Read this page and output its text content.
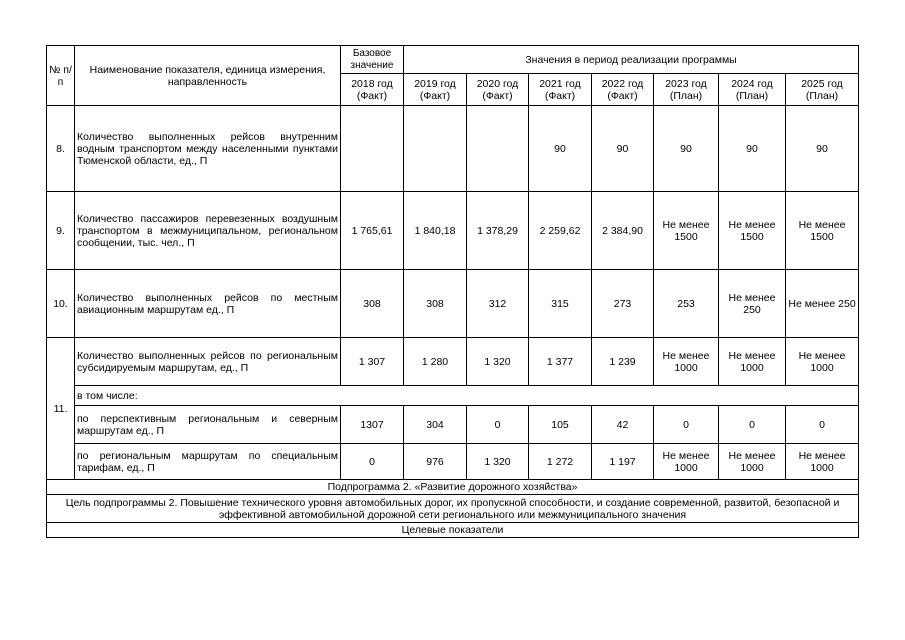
№ п/п	Наименование показателя, единица измерения, направленность	Базовое значение	Значения в период реализации программы						
		2018 год (Факт)	2019 год (Факт)	2020 год (Факт)	2021 год (Факт)	2022 год (Факт)	2023 год (План)	2024 год (План)	2025 год (План)
8.	Количество выполненных рейсов внутренним водным транспортом между населенными пунктами Тюменской области, ед., П				90	90	90	90	90
9.	Количество пассажиров перевезенных воздушным транспортом в межмуниципальном, региональном сообщении, тыс. чел., П	1 765,61	1 840,18	1 378,29	2 259,62	2 384,90	Не менее 1500	Не менее 1500	Не менее 1500
10.	Количество выполненных рейсов по местным авиационным маршрутам ед., П	308	308	312	315	273	253	Не менее 250	Не менее 250
11.	Количество выполненных рейсов по региональным субсидируемым маршрутам, ед., П	1 307	1 280	1 320	1 377	1 239	Не менее 1000	Не менее 1000	Не менее 1000
	в том числе:								
	по перспективным региональным и северным маршрутам ед., П	1307	304	0	105	42	0	0	0
	по региональным маршрутам по специальным тарифам, ед., П	0	976	1 320	1 272	1 197	Не менее 1000	Не менее 1000	Не менее 1000
Подпрограмма 2. «Развитие дорожного хозяйства»									
Цель подпрограммы 2. Повышение технического уровня автомобильных дорог, их пропускной способности, и создание современной, развитой, безопасной и эффективной автомобильной дорожной сети регионального или межмуниципального значения									
Целевые показатели									
